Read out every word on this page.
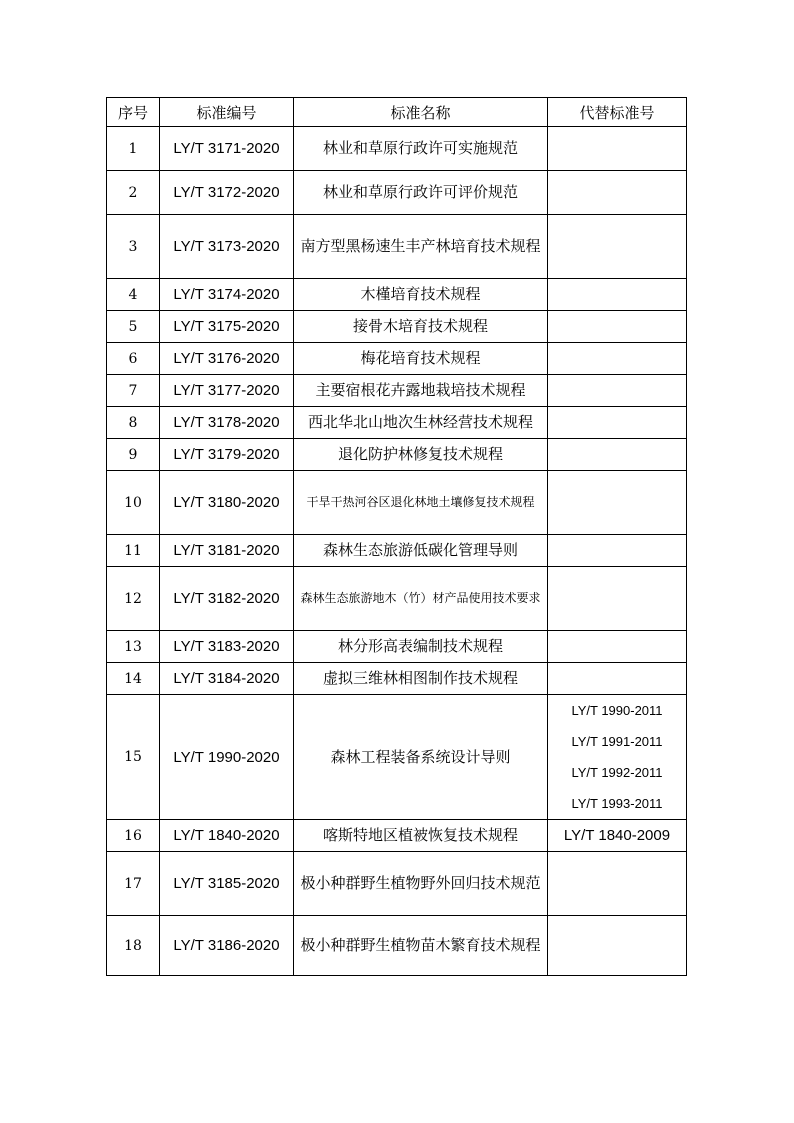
序号	标准编号	标准名称	代替标准号
1	LY/T 3171-2020	林业和草原行政许可实施规范	
2	LY/T 3172-2020	林业和草原行政许可评价规范	
3	LY/T 3173-2020	南方型黑杨速生丰产林培育技术规程	
4	LY/T 3174-2020	木槿培育技术规程	
5	LY/T 3175-2020	接骨木培育技术规程	
6	LY/T 3176-2020	梅花培育技术规程	
7	LY/T 3177-2020	主要宿根花卉露地栽培技术规程	
8	LY/T 3178-2020	西北华北山地次生林经营技术规程	
9	LY/T 3179-2020	退化防护林修复技术规程	
10	LY/T 3180-2020	干旱干热河谷区退化林地土壤修复技术规程	
11	LY/T 3181-2020	森林生态旅游低碳化管理导则	
12	LY/T 3182-2020	森林生态旅游地木（竹）材产品使用技术要求	
13	LY/T 3183-2020	林分形高表编制技术规程	
14	LY/T 3184-2020	虚拟三维林相图制作技术规程	
15	LY/T 1990-2020	森林工程装备系统设计导则	LY/T 1990-2011
LY/T 1991-2011
LY/T 1992-2011
LY/T 1993-2011

16	LY/T 1840-2020	喀斯特地区植被恢复技术规程	LY/T 1840-2009

17	LY/T 3185-2020	极小种群野生植物野外回归技术规范	
18	LY/T 3186-2020	极小种群野生植物苗木繁育技术规程	
